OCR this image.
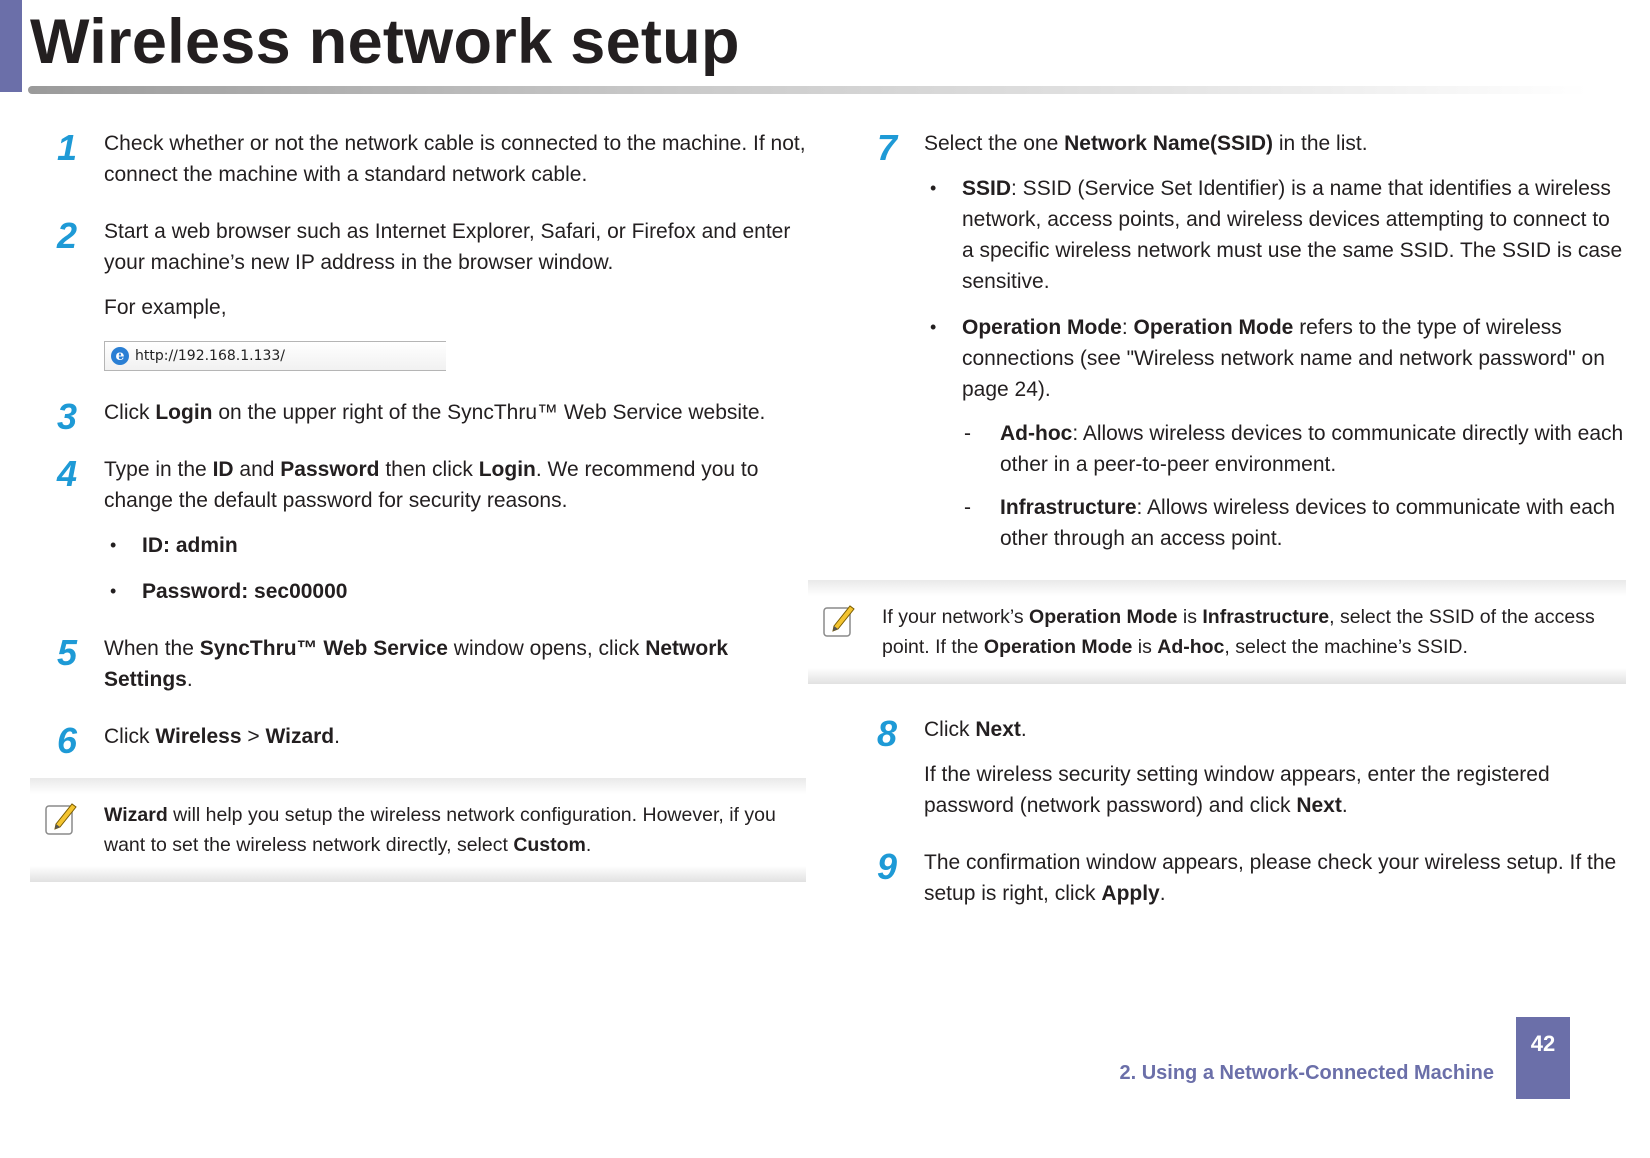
Wireless network setup
1	Check whether or not the network cable is connected to the machine. If not, connect the machine with a standard network cable.

2	Start a web browser such as Internet Explorer, Safari, or Firefox and enter your machine’s new IP address in the browser window.

For example,

e http://192.168.1.133/
3	Click Login on the upper right of the SyncThru™ Web Service website.

4	Type in the ID and Password then click Login. We recommend you to change the default password for security reasons.

• ID: admin
• Password: sec00000
5	When the SyncThru™ Web Service window opens, click Network Settings.

6	Click Wireless > Wizard.

Wizard will help you setup the wireless network configuration. However, if you want to set the wireless network directly, select Custom.

7	Select the one Network Name(SSID) in the list.

• SSID: SSID (Service Set Identifier) is a name that identifies a wireless network, access points, and wireless devices attempting to connect to a specific wireless network must use the same SSID. The SSID is case sensitive.
• Operation Mode: Operation Mode refers to the type of wireless connections (see "Wireless network name and network password" on page 24).
- Ad-hoc: Allows wireless devices to communicate directly with each other in a peer-to-peer environment.
- Infrastructure: Allows wireless devices to communicate with each other through an access point.

If your network’s Operation Mode is Infrastructure, select the SSID of the access point. If the Operation Mode is Ad-hoc, select the machine’s SSID.

8	Click Next.

If the wireless security setting window appears, enter the registered password (network password) and click Next.

9	The confirmation window appears, please check your wireless setup. If the setup is right, click Apply.

2. Using a Network-Connected Machine
42
